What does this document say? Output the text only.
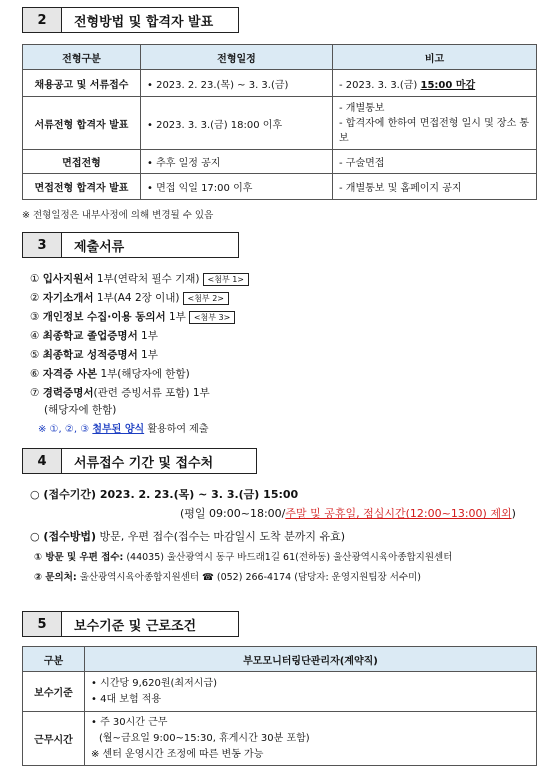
2	전형방법 및 합격자 발표
전형구분	전형일정	비고
채용공고 및 서류접수	• 2023. 2. 23.(목) ~ 3. 3.(금)	- 2023. 3. 3.(금) 15:00 마감
서류전형 합격자 발표	• 2023. 3. 3.(금) 18:00 이후	- 개별통보
- 합격자에 한하여 면접전형 일시 및 장소 통보

면접전형	• 추후 일정 공지	- 구술면접
면접전형 합격자 발표	• 면접 익일 17:00 이후	- 개별통보 및 홈페이지 공지
※ 전형일정은 내부사정에 의해 변경될 수 있음
3	제출서류
① 입사지원서 1부(연락처 필수 기재) <첨부 1>
② 자기소개서 1부(A4 2장 이내) <첨부 2>
③ 개인정보 수집·이용 동의서 1부 <첨부 3>
④ 최종학교 졸업증명서 1부
⑤ 최종학교 성적증명서 1부
⑥ 자격증 사본 1부(해당자에 한함)
⑦ 경력증명서(관련 증빙서류 포함) 1부
(해당자에 한함)
※ ①, ②, ③ 첨부된 양식 활용하여 제출
4	서류접수 기간 및 접수처
○ (접수기간) 2023. 2. 23.(목) ~ 3. 3.(금) 15:00
(평일 09:00~18:00/주말 및 공휴일, 점심시간(12:00~13:00) 제외)
○ (접수방법) 방문, 우편 접수(접수는 마감일시 도착 분까지 유효)
① 방문 및 우편 접수: (44035) 울산광역시 동구 바드래1길 61(전하동) 울산광역시육아종합지원센터
② 문의처: 울산광역시육아종합지원센터 ☎ (052) 266-4174 (담당자: 운영지원팀장 서수미)
5	보수기준 및 근로조건
구분	부모모니터링단관리자(계약직)
보수기준	• 시간당 9,620원(최저시급)
• 4대 보험 적용

근무시간	• 주 30시간 근무
(월~금요일 9:00~15:30, 휴게시간 30분 포함)
※ 센터 운영시간 조정에 따른 변동 가능
